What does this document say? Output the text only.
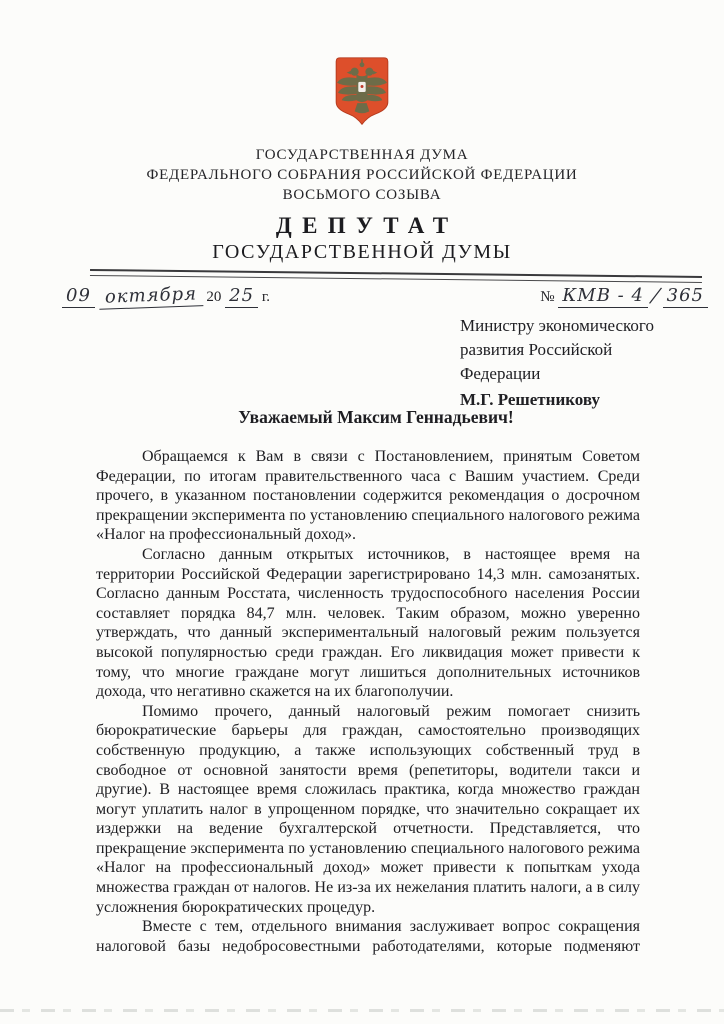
ГОСУДАРСТВЕННАЯ ДУМА
ФЕДЕРАЛЬНОГО СОБРАНИЯ РОССИЙСКОЙ ФЕДЕРАЦИИ
ВОСЬМОГО СОЗЫВА
ДЕПУТАТ
ГОСУДАРСТВЕННОЙ ДУМЫ
09 октября 20 25 г.	№ КМВ - 4 / 365
Министру экономического
развития Российской
Федерации
М.Г. Решетникову
Уважаемый Максим Геннадьевич!

Обращаемся к Вам в связи с Постановлением, принятым Советом Федерации, по итогам правительственного часа с Вашим участием. Среди прочего, в указанном постановлении содержится рекомендация о досрочном прекращении эксперимента по установлению специального налогового режима «Налог на профессиональный доход».

Согласно данным открытых источников, в настоящее время на территории Российской Федерации зарегистрировано 14,3 млн. самозанятых. Согласно данным Росстата, численность трудоспособного населения России составляет порядка 84,7 млн. человек. Таким образом, можно уверенно утверждать, что данный экспериментальный налоговый режим пользуется высокой популярностью среди граждан. Его ликвидация может привести к тому, что многие граждане могут лишиться дополнительных источников дохода, что негативно скажется на их благополучии.

Помимо прочего, данный налоговый режим помогает снизить бюрократические барьеры для граждан, самостоятельно производящих собственную продукцию, а также использующих собственный труд в свободное от основной занятости время (репетиторы, водители такси и другие). В настоящее время сложилась практика, когда множество граждан могут уплатить налог в упрощенном порядке, что значительно сокращает их издержки на ведение бухгалтерской отчетности. Представляется, что прекращение эксперимента по установлению специального налогового режима «Налог на профессиональный доход» может привести к попыткам ухода множества граждан от налогов. Не из-за их нежелания платить налоги, а в силу усложнения бюрократических процедур.

Вместе с тем, отдельного внимания заслуживает вопрос сокращения налоговой базы недобросовестными работодателями, которые подменяют
